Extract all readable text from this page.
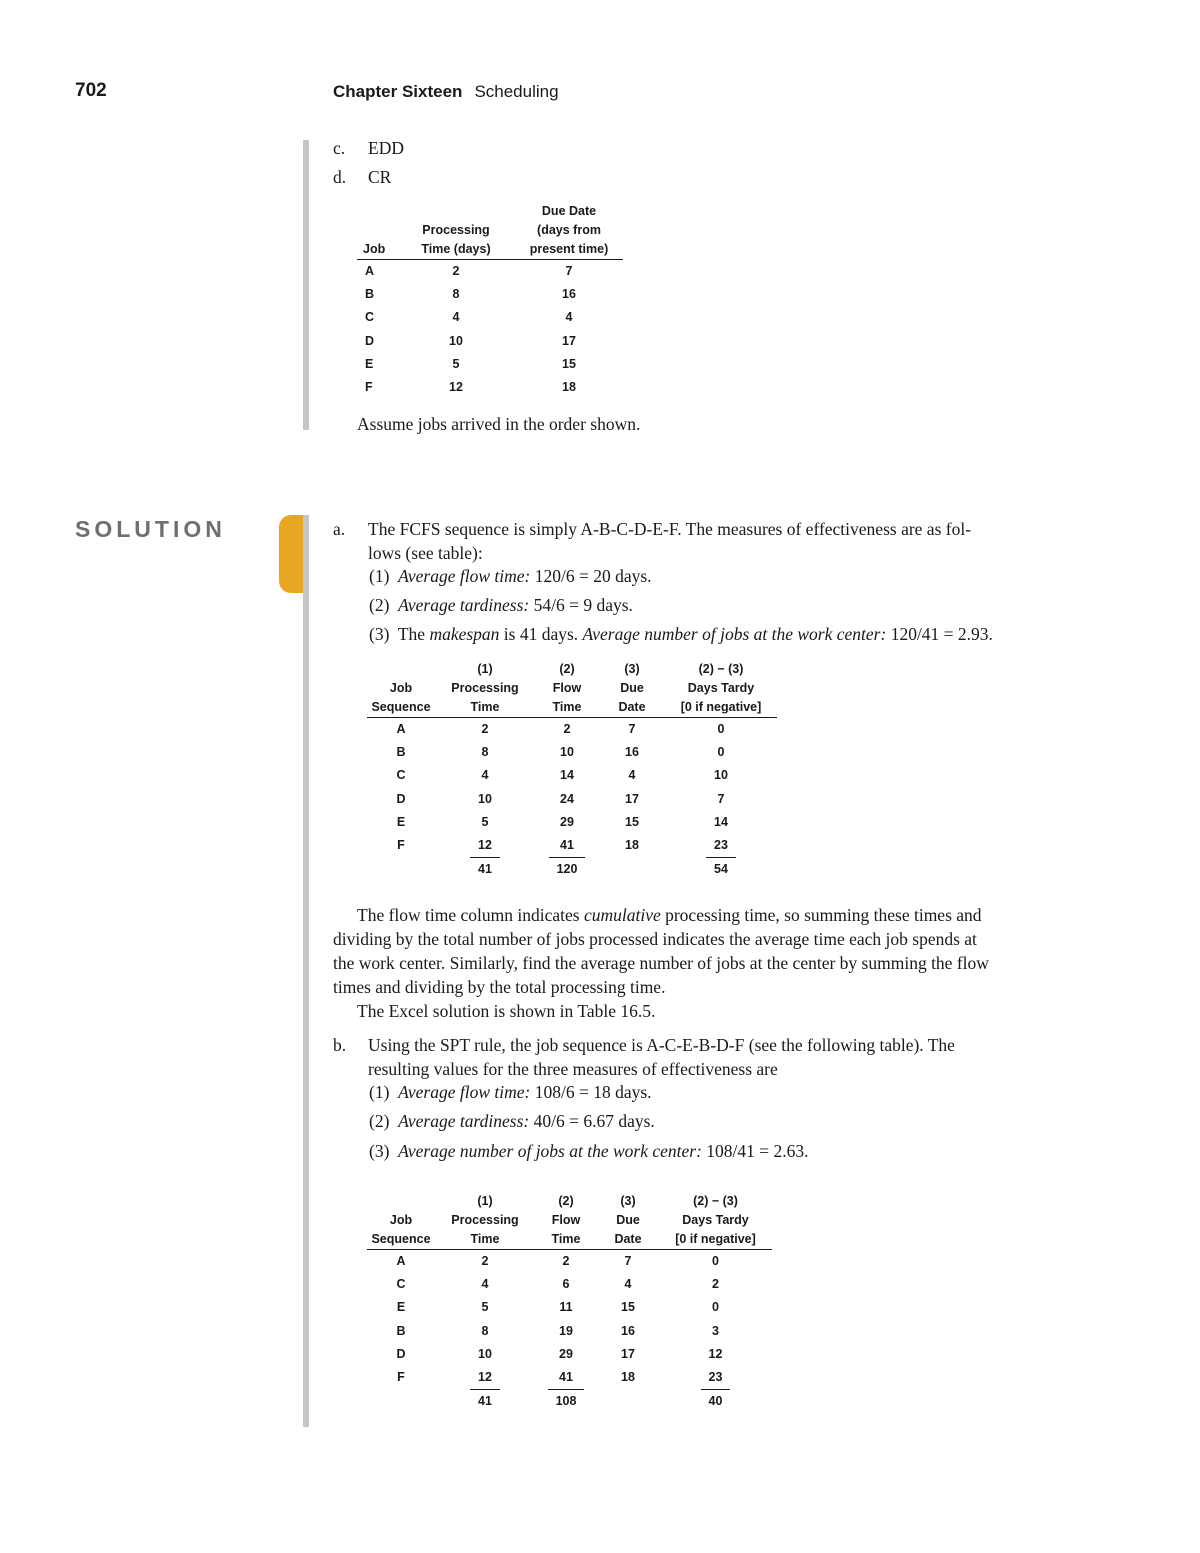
702	Chapter Sixteen Scheduling
c. EDD
d. CR
		Due Date
	Processing	(days from
Job	Time (days)	present time)
A	2	7
B	8	16
C	4	4
D	10	17
E	5	15
F	12	18
Assume jobs arrived in the order shown.
SOLUTION	a. The FCFS sequence is simply A-B-C-D-E-F. The measures of effectiveness are as fol-
lows (see table):
(1) Average flow time: 120/6 = 20 days.
(2) Average tardiness: 54/6 = 9 days.
(3) The makespan is 41 days. Average number of jobs at the work center: 120/41 = 2.93.
	(1)	(2)	(3)	(2) − (3)
Job	Processing	Flow	Due	Days Tardy
Sequence	Time	Time	Date	[0 if negative]
A	2	2	7	0
B	8	10	16	0
C	4	14	4	10
D	10	24	17	7
E	5	29	15	14
F	12	41	18	23
	41	120		54
The flow time column indicates cumulative processing time, so summing these times and
dividing by the total number of jobs processed indicates the average time each job spends at
the work center. Similarly, find the average number of jobs at the center by summing the flow
times and dividing by the total processing time.
The Excel solution is shown in Table 16.5.
b. Using the SPT rule, the job sequence is A-C-E-B-D-F (see the following table). The
resulting values for the three measures of effectiveness are
(1) Average flow time: 108/6 = 18 days.
(2) Average tardiness: 40/6 = 6.67 days.
(3) Average number of jobs at the work center: 108/41 = 2.63.
	(1)	(2)	(3)	(2) − (3)
Job	Processing	Flow	Due	Days Tardy
Sequence	Time	Time	Date	[0 if negative]
A	2	2	7	0
C	4	6	4	2
E	5	11	15	0
B	8	19	16	3
D	10	29	17	12
F	12	41	18	23
	41	108		40
